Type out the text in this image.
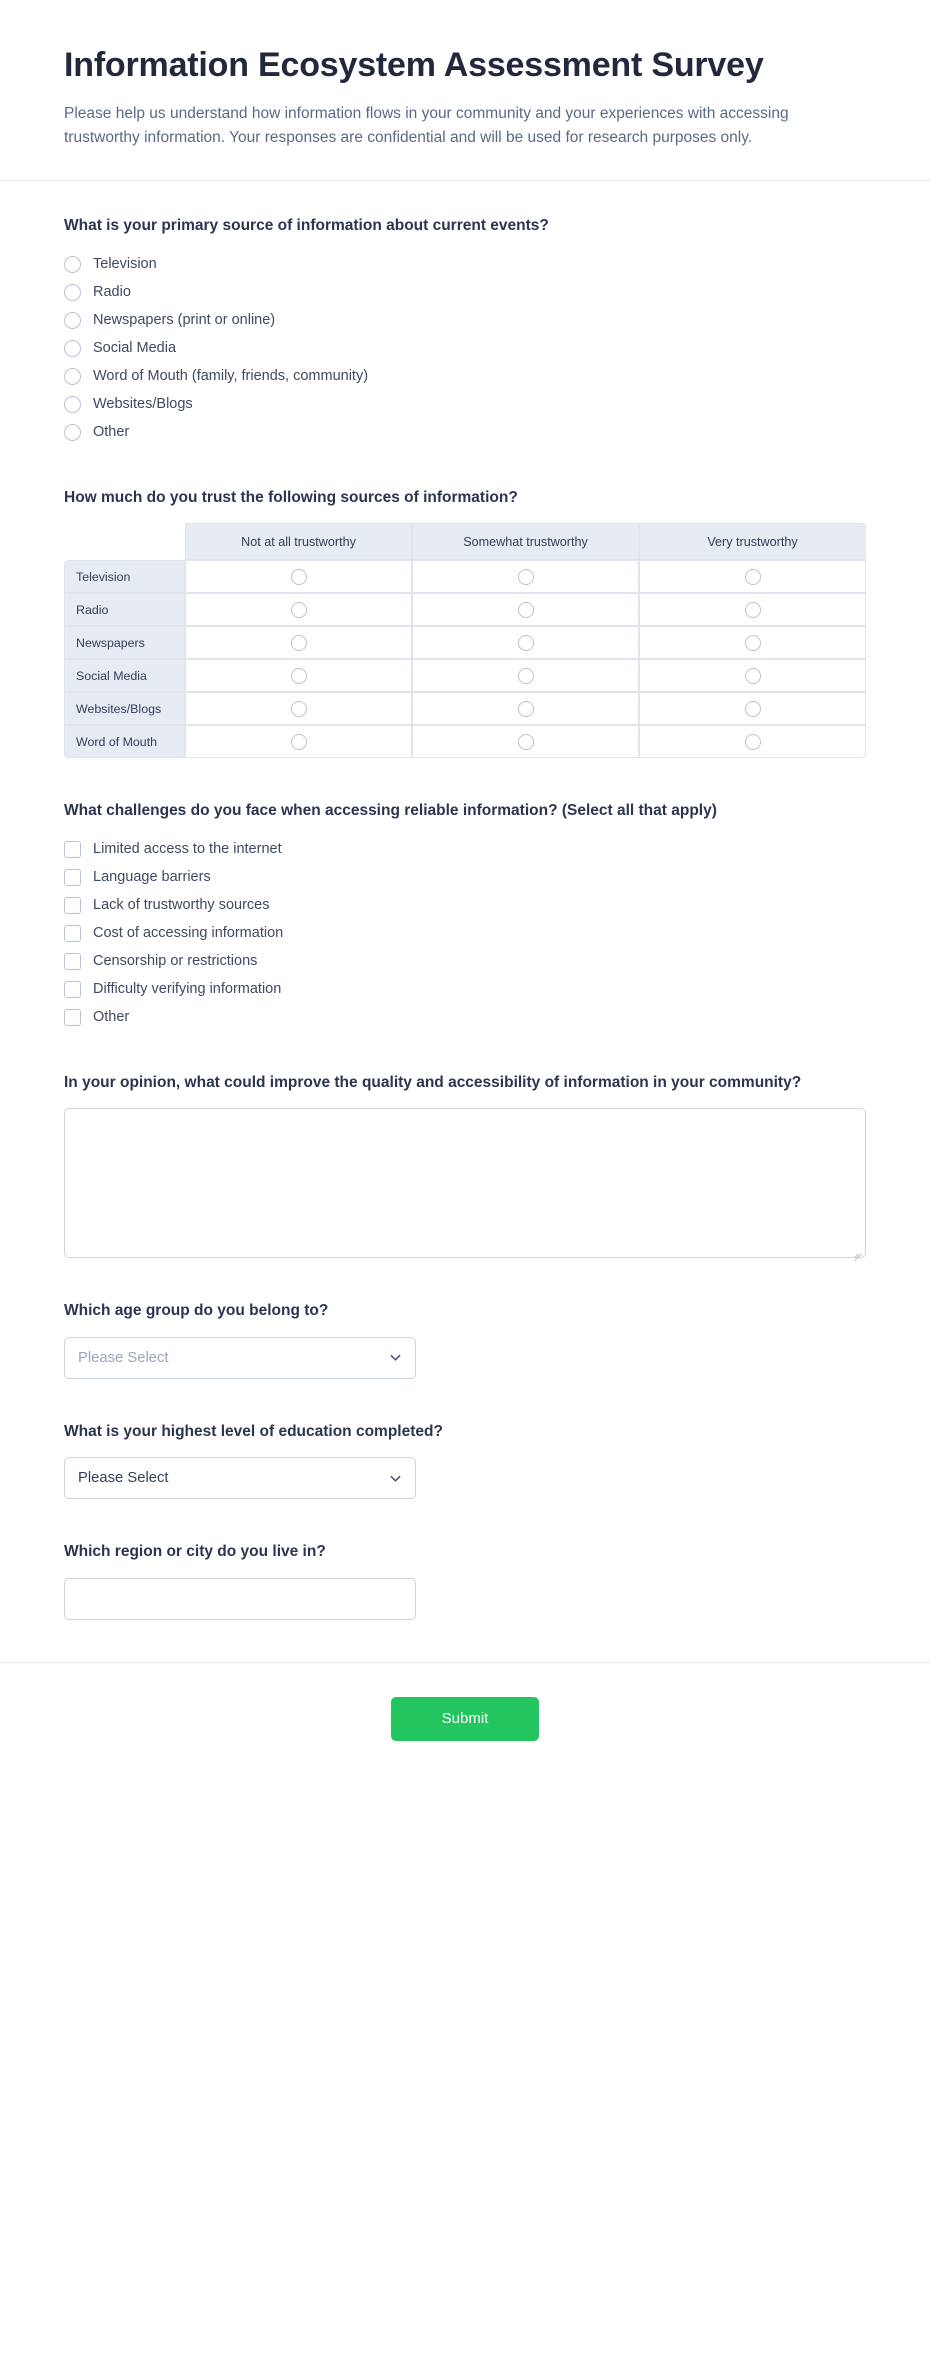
Information Ecosystem Assessment Survey

Please help us understand how information flows in your community and your experiences with accessing trustworthy information. Your responses are confidential and will be used for research purposes only.

What is your primary source of information about current events?
Television
Radio
Newspapers (print or online)
Social Media
Word of Mouth (family, friends, community)
Websites/Blogs
Other
How much do you trust the following sources of information?
	Not at all trustworthy	Somewhat trustworthy	Very trustworthy
Television			
Radio			
Newspapers			
Social Media			
Websites/Blogs			
Word of Mouth			
What challenges do you face when accessing reliable information? (Select all that apply)
Limited access to the internet
Language barriers
Lack of trustworthy sources
Cost of accessing information
Censorship or restrictions
Difficulty verifying information
Other
In your opinion, what could improve the quality and accessibility of information in your community?
Which age group do you belong to?
Please Select
What is your highest level of education completed?
Please Select
Which region or city do you live in?
Submit
